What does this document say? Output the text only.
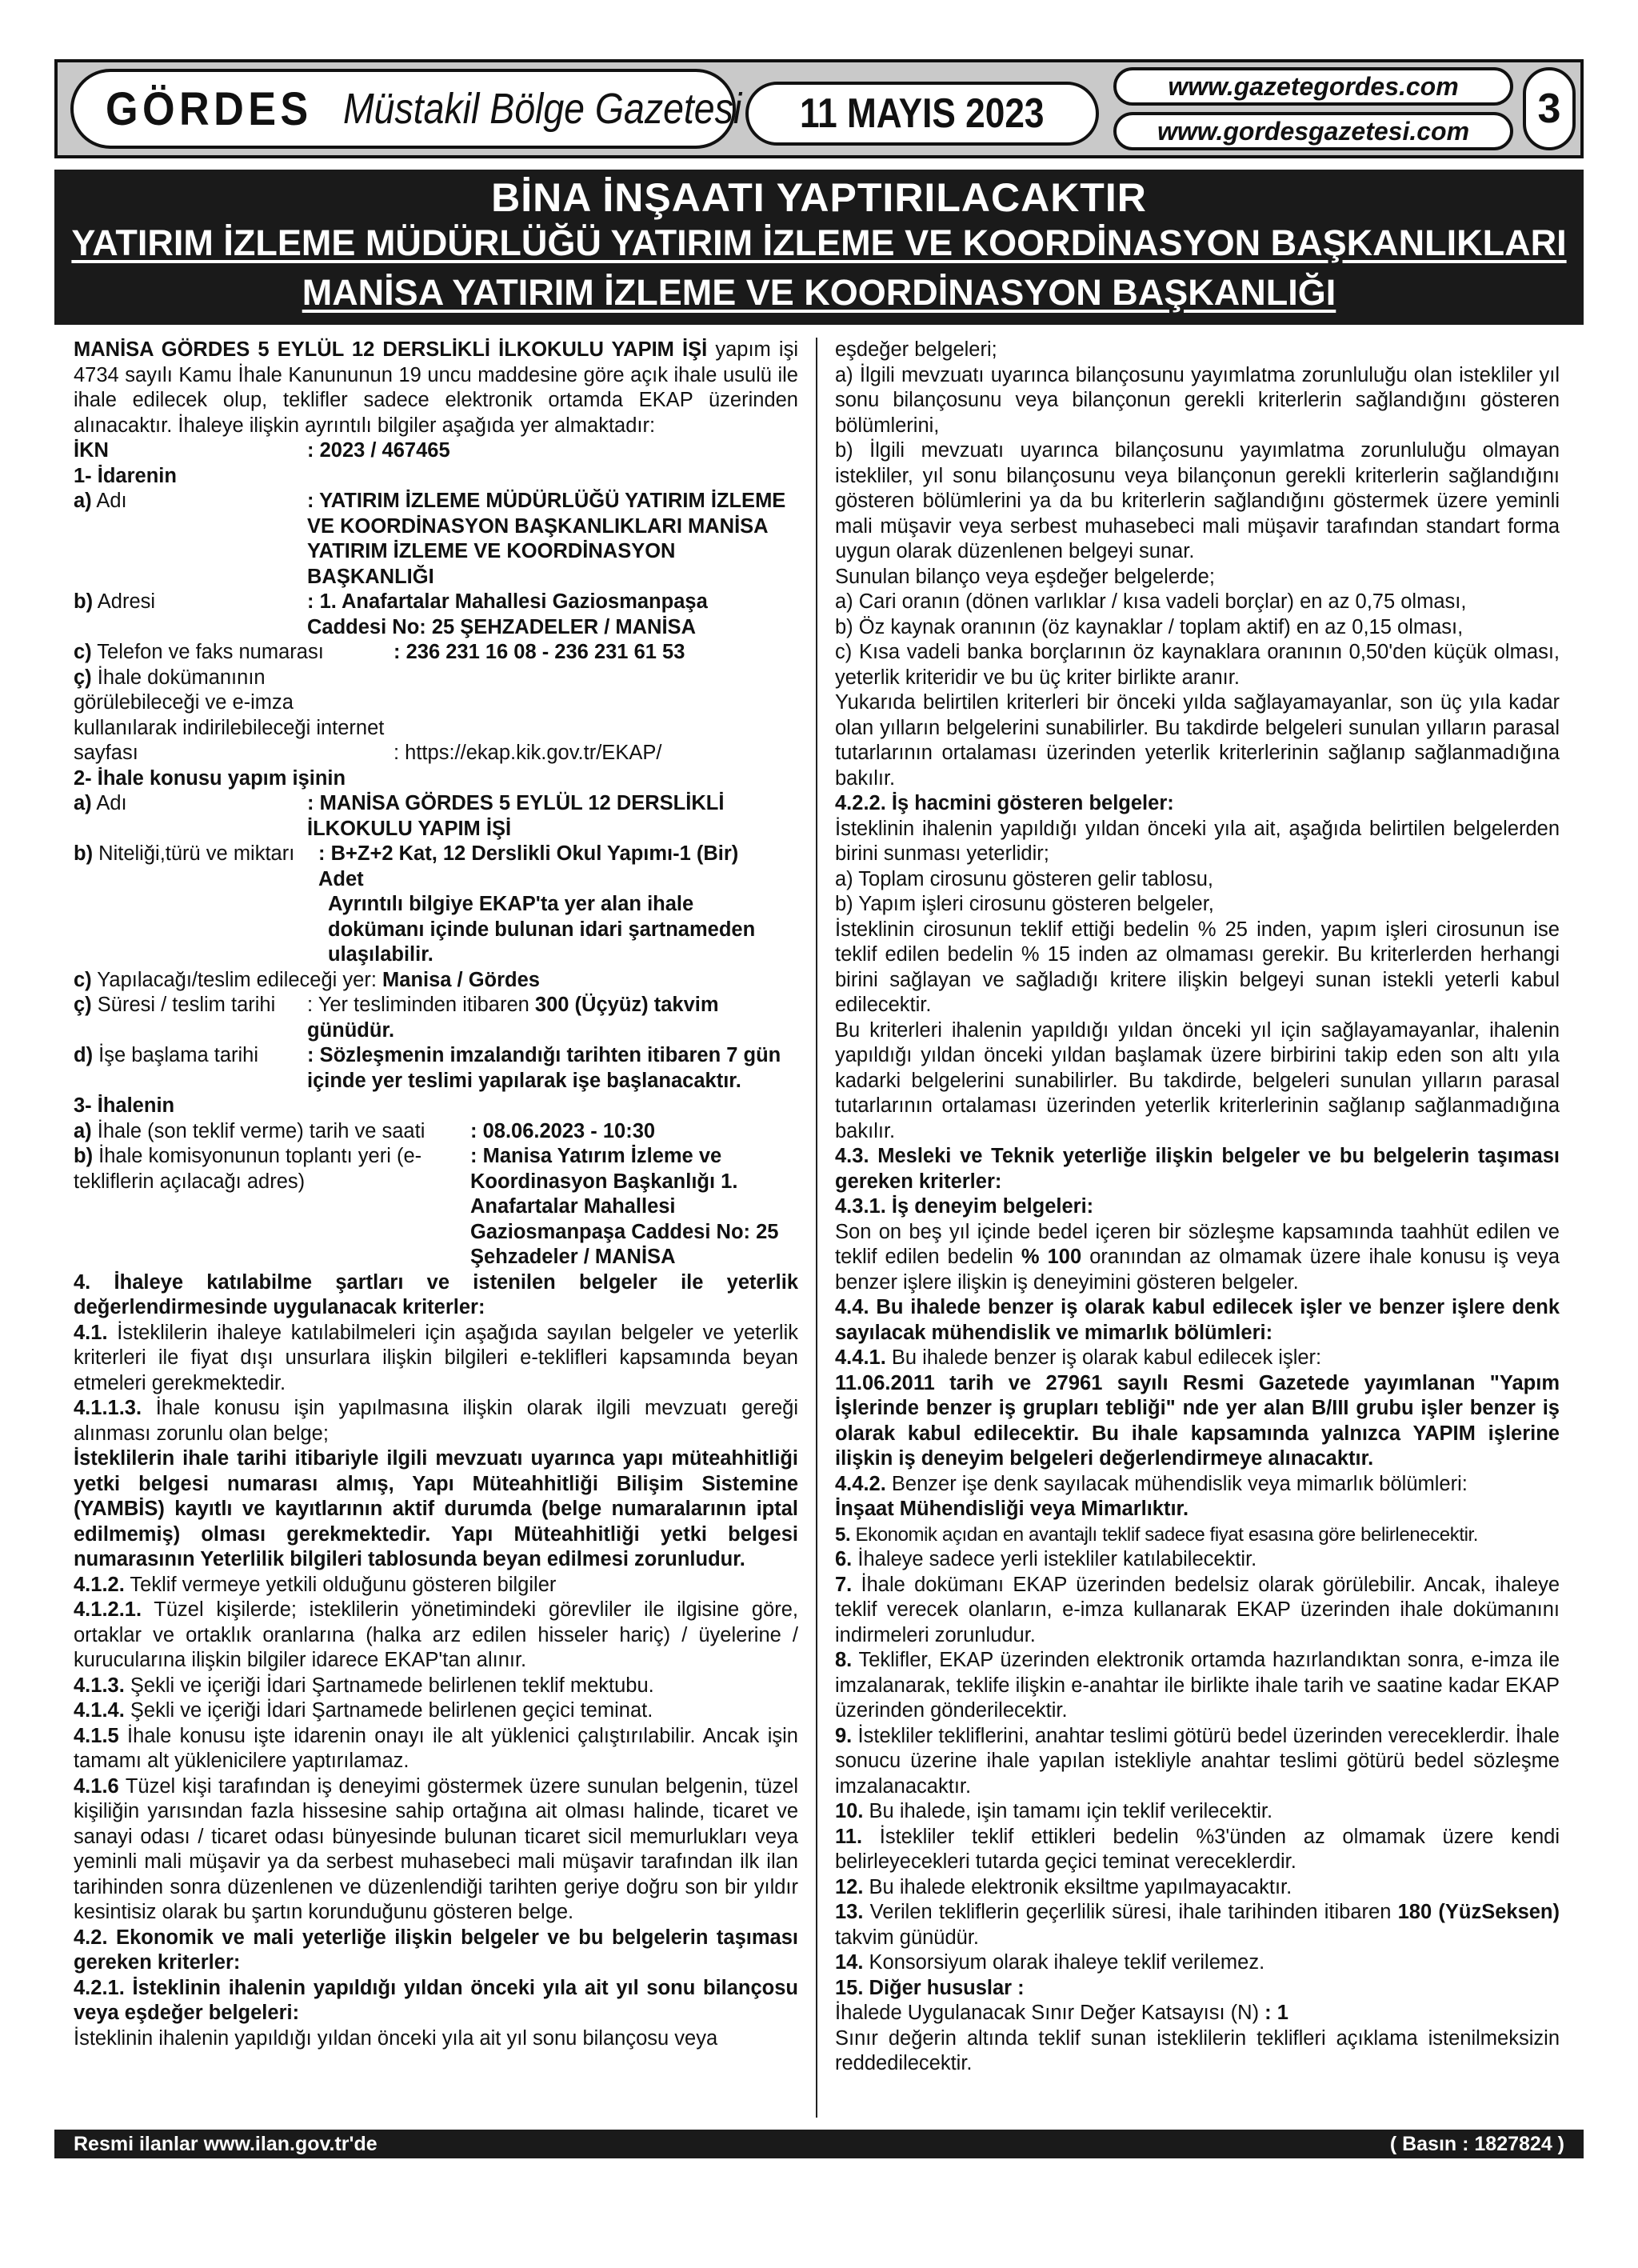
GÖRDES Müstakil Bölge Gazetesi 11 MAYIS 2023
www.gazetegordes.com
www.gordesgazetesi.com 3
BİNA İNŞAATI YAPTIRILACAKTIR
YATIRIM İZLEME MÜDÜRLÜĞÜ YATIRIM İZLEME VE KOORDİNASYON BAŞKANLIKLARI
MANİSA YATIRIM İZLEME VE KOORDİNASYON BAŞKANLIĞI

MANİSA GÖRDES 5 EYLÜL 12 DERSLİKLİ İLKOKULU YAPIM İŞİ yapım işi 4734 sayılı Kamu İhale Kanununun 19 uncu maddesine göre açık ihale usulü ile ihale edilecek olup, teklifler sadece elektronik ortamda EKAP üzerinden alınacaktır. İhaleye ilişkin ayrıntılı bilgiler aşağıda yer almaktadır:

İKN	: 2023 / 467465

1- İdarenin

a) Adı	: YATIRIM İZLEME MÜDÜRLÜĞÜ YATIRIM İZLEME VE KOORDİNASYON BAŞKANLIKLARI MANİSA YATIRIM İZLEME VE KOORDİNASYON BAŞKANLIĞI
b) Adresi	: 1. Anafartalar Mahallesi Gaziosmanpaşa Caddesi No: 25 ŞEHZADELER / MANİSA
c) Telefon ve faks numarası	: 236 231 16 08 - 236 231 61 53
ç) İhale dokümanının görülebileceği ve e-imza kullanılarak indirilebileceği internet sayfası	: https://ekap.kik.gov.tr/EKAP/

2- İhale konusu yapım işinin

a) Adı	: MANİSA GÖRDES 5 EYLÜL 12 DERSLİKLİ İLKOKULU YAPIM İŞİ
b) Niteliği,türü ve miktarı	: B+Z+2 Kat, 12 Derslikli Okul Yapımı-1 (Bir) Adet
Ayrıntılı bilgiye EKAP'ta yer alan ihale dokümanı içinde bulunan idari şartnameden ulaşılabilir.

c) Yapılacağı/teslim edileceği yer: Manisa / Gördes

ç) Süresi / teslim tarihi	: Yer tesliminden itibaren 300 (Üçyüz) takvim günüdür.
d) İşe başlama tarihi	: Sözleşmenin imzalandığı tarihten itibaren 7 gün içinde yer teslimi yapılarak işe başlanacaktır.

3- İhalenin

a) İhale (son teklif verme) tarih ve saati	: 08.06.2023 - 10:30
b) İhale komisyonunun toplantı yeri (e-tekliflerin açılacağı adres)
: Manisa Yatırım İzleme ve Koordinasyon Başkanlığı 1. Anafartalar Mahallesi Gaziosmanpaşa Caddesi No: 25 Şehzadeler / MANİSA

4. İhaleye katılabilme şartları ve istenilen belgeler ile yeterlik değerlendirmesinde uygulanacak kriterler:

4.1. İsteklilerin ihaleye katılabilmeleri için aşağıda sayılan belgeler ve yeterlik kriterleri ile fiyat dışı unsurlara ilişkin bilgileri e-teklifleri kapsamında beyan etmeleri gerekmektedir.

4.1.1.3. İhale konusu işin yapılmasına ilişkin olarak ilgili mevzuatı gereği alınması zorunlu olan belge;

İsteklilerin ihale tarihi itibariyle ilgili mevzuatı uyarınca yapı müteahhitliği yetki belgesi numarası almış, Yapı Müteahhitliği Bilişim Sistemine (YAMBİS) kayıtlı ve kayıtlarının aktif durumda (belge numaralarının iptal edilmemiş) olması gerekmektedir. Yapı Müteahhitliği yetki belgesi numarasının Yeterlilik bilgileri tablosunda beyan edilmesi zorunludur.

4.1.2. Teklif vermeye yetkili olduğunu gösteren bilgiler

4.1.2.1. Tüzel kişilerde; isteklilerin yönetimindeki görevliler ile ilgisine göre, ortaklar ve ortaklık oranlarına (halka arz edilen hisseler hariç) / üyelerine / kurucularına ilişkin bilgiler idarece EKAP'tan alınır.

4.1.3. Şekli ve içeriği İdari Şartnamede belirlenen teklif mektubu.

4.1.4. Şekli ve içeriği İdari Şartnamede belirlenen geçici teminat.

4.1.5 İhale konusu işte idarenin onayı ile alt yüklenici çalıştırılabilir. Ancak işin tamamı alt yüklenicilere yaptırılamaz.

4.1.6 Tüzel kişi tarafından iş deneyimi göstermek üzere sunulan belgenin, tüzel kişiliğin yarısından fazla hissesine sahip ortağına ait olması halinde, ticaret ve sanayi odası / ticaret odası bünyesinde bulunan ticaret sicil memurlukları veya yeminli mali müşavir ya da serbest muhasebeci mali müşavir tarafından ilk ilan tarihinden sonra düzenlenen ve düzenlendiği tarihten geriye doğru son bir yıldır kesintisiz olarak bu şartın korunduğunu gösteren belge.

4.2. Ekonomik ve mali yeterliğe ilişkin belgeler ve bu belgelerin taşıması gereken kriterler:

4.2.1. İsteklinin ihalenin yapıldığı yıldan önceki yıla ait yıl sonu bilançosu veya eşdeğer belgeleri:

İsteklinin ihalenin yapıldığı yıldan önceki yıla ait yıl sonu bilançosu veya

eşdeğer belgeleri;

a) İlgili mevzuatı uyarınca bilançosunu yayımlatma zorunluluğu olan istekliler yıl sonu bilançosunu veya bilançonun gerekli kriterlerin sağlandığını gösteren bölümlerini,

b) İlgili mevzuatı uyarınca bilançosunu yayımlatma zorunluluğu olmayan istekliler, yıl sonu bilançosunu veya bilançonun gerekli kriterlerin sağlandığını gösteren bölümlerini ya da bu kriterlerin sağlandığını göstermek üzere yeminli mali müşavir veya serbest muhasebeci mali müşavir tarafından standart forma uygun olarak düzenlenen belgeyi sunar.

Sunulan bilanço veya eşdeğer belgelerde;

a) Cari oranın (dönen varlıklar / kısa vadeli borçlar) en az 0,75 olması,

b) Öz kaynak oranının (öz kaynaklar / toplam aktif) en az 0,15 olması,

c) Kısa vadeli banka borçlarının öz kaynaklara oranının 0,50'den küçük olması, yeterlik kriteridir ve bu üç kriter birlikte aranır.

Yukarıda belirtilen kriterleri bir önceki yılda sağlayamayanlar, son üç yıla kadar olan yılların belgelerini sunabilirler. Bu takdirde belgeleri sunulan yılların parasal tutarlarının ortalaması üzerinden yeterlik kriterlerinin sağlanıp sağlanmadığına bakılır.

4.2.2. İş hacmini gösteren belgeler:

İsteklinin ihalenin yapıldığı yıldan önceki yıla ait, aşağıda belirtilen belgelerden birini sunması yeterlidir;

a) Toplam cirosunu gösteren gelir tablosu,

b) Yapım işleri cirosunu gösteren belgeler,

İsteklinin cirosunun teklif ettiği bedelin % 25 inden, yapım işleri cirosunun ise teklif edilen bedelin % 15 inden az olmaması gerekir. Bu kriterlerden herhangi birini sağlayan ve sağladığı kritere ilişkin belgeyi sunan istekli yeterli kabul edilecektir.

Bu kriterleri ihalenin yapıldığı yıldan önceki yıl için sağlayamayanlar, ihalenin yapıldığı yıldan önceki yıldan başlamak üzere birbirini takip eden son altı yıla kadarki belgelerini sunabilirler. Bu takdirde, belgeleri sunulan yılların parasal tutarlarının ortalaması üzerinden yeterlik kriterlerinin sağlanıp sağlanmadığına bakılır.

4.3. Mesleki ve Teknik yeterliğe ilişkin belgeler ve bu belgelerin taşıması gereken kriterler:

4.3.1. İş deneyim belgeleri:

Son on beş yıl içinde bedel içeren bir sözleşme kapsamında taahhüt edilen ve teklif edilen bedelin % 100 oranından az olmamak üzere ihale konusu iş veya benzer işlere ilişkin iş deneyimini gösteren belgeler.

4.4. Bu ihalede benzer iş olarak kabul edilecek işler ve benzer işlere denk sayılacak mühendislik ve mimarlık bölümleri:

4.4.1. Bu ihalede benzer iş olarak kabul edilecek işler:

11.06.2011 tarih ve 27961 sayılı Resmi Gazetede yayımlanan "Yapım İşlerinde benzer iş grupları tebliği" nde yer alan B/III grubu işler benzer iş olarak kabul edilecektir. Bu ihale kapsamında yalnızca YAPIM işlerine ilişkin iş deneyim belgeleri değerlendirmeye alınacaktır.

4.4.2. Benzer işe denk sayılacak mühendislik veya mimarlık bölümleri:

İnşaat Mühendisliği veya Mimarlıktır.

5. Ekonomik açıdan en avantajlı teklif sadece fiyat esasına göre belirlenecektir.

6. İhaleye sadece yerli istekliler katılabilecektir.

7. İhale dokümanı EKAP üzerinden bedelsiz olarak görülebilir. Ancak, ihaleye teklif verecek olanların, e-imza kullanarak EKAP üzerinden ihale dokümanını indirmeleri zorunludur.

8. Teklifler, EKAP üzerinden elektronik ortamda hazırlandıktan sonra, e-imza ile imzalanarak, teklife ilişkin e-anahtar ile birlikte ihale tarih ve saatine kadar EKAP üzerinden gönderilecektir.

9. İstekliler tekliflerini, anahtar teslimi götürü bedel üzerinden vereceklerdir. İhale sonucu üzerine ihale yapılan istekliyle anahtar teslimi götürü bedel sözleşme imzalanacaktır.

10. Bu ihalede, işin tamamı için teklif verilecektir.

11. İstekliler teklif ettikleri bedelin %3'ünden az olmamak üzere kendi belirleyecekleri tutarda geçici teminat vereceklerdir.

12. Bu ihalede elektronik eksiltme yapılmayacaktır.

13. Verilen tekliflerin geçerlilik süresi, ihale tarihinden itibaren 180 (YüzSeksen) takvim günüdür.

14. Konsorsiyum olarak ihaleye teklif verilemez.

15. Diğer hususlar :

İhalede Uygulanacak Sınır Değer Katsayısı (N) : 1

Sınır değerin altında teklif sunan isteklilerin teklifleri açıklama istenilmeksizin reddedilecektir.

Resmi ilanlar www.ilan.gov.tr'de	( Basın : 1827824 )
